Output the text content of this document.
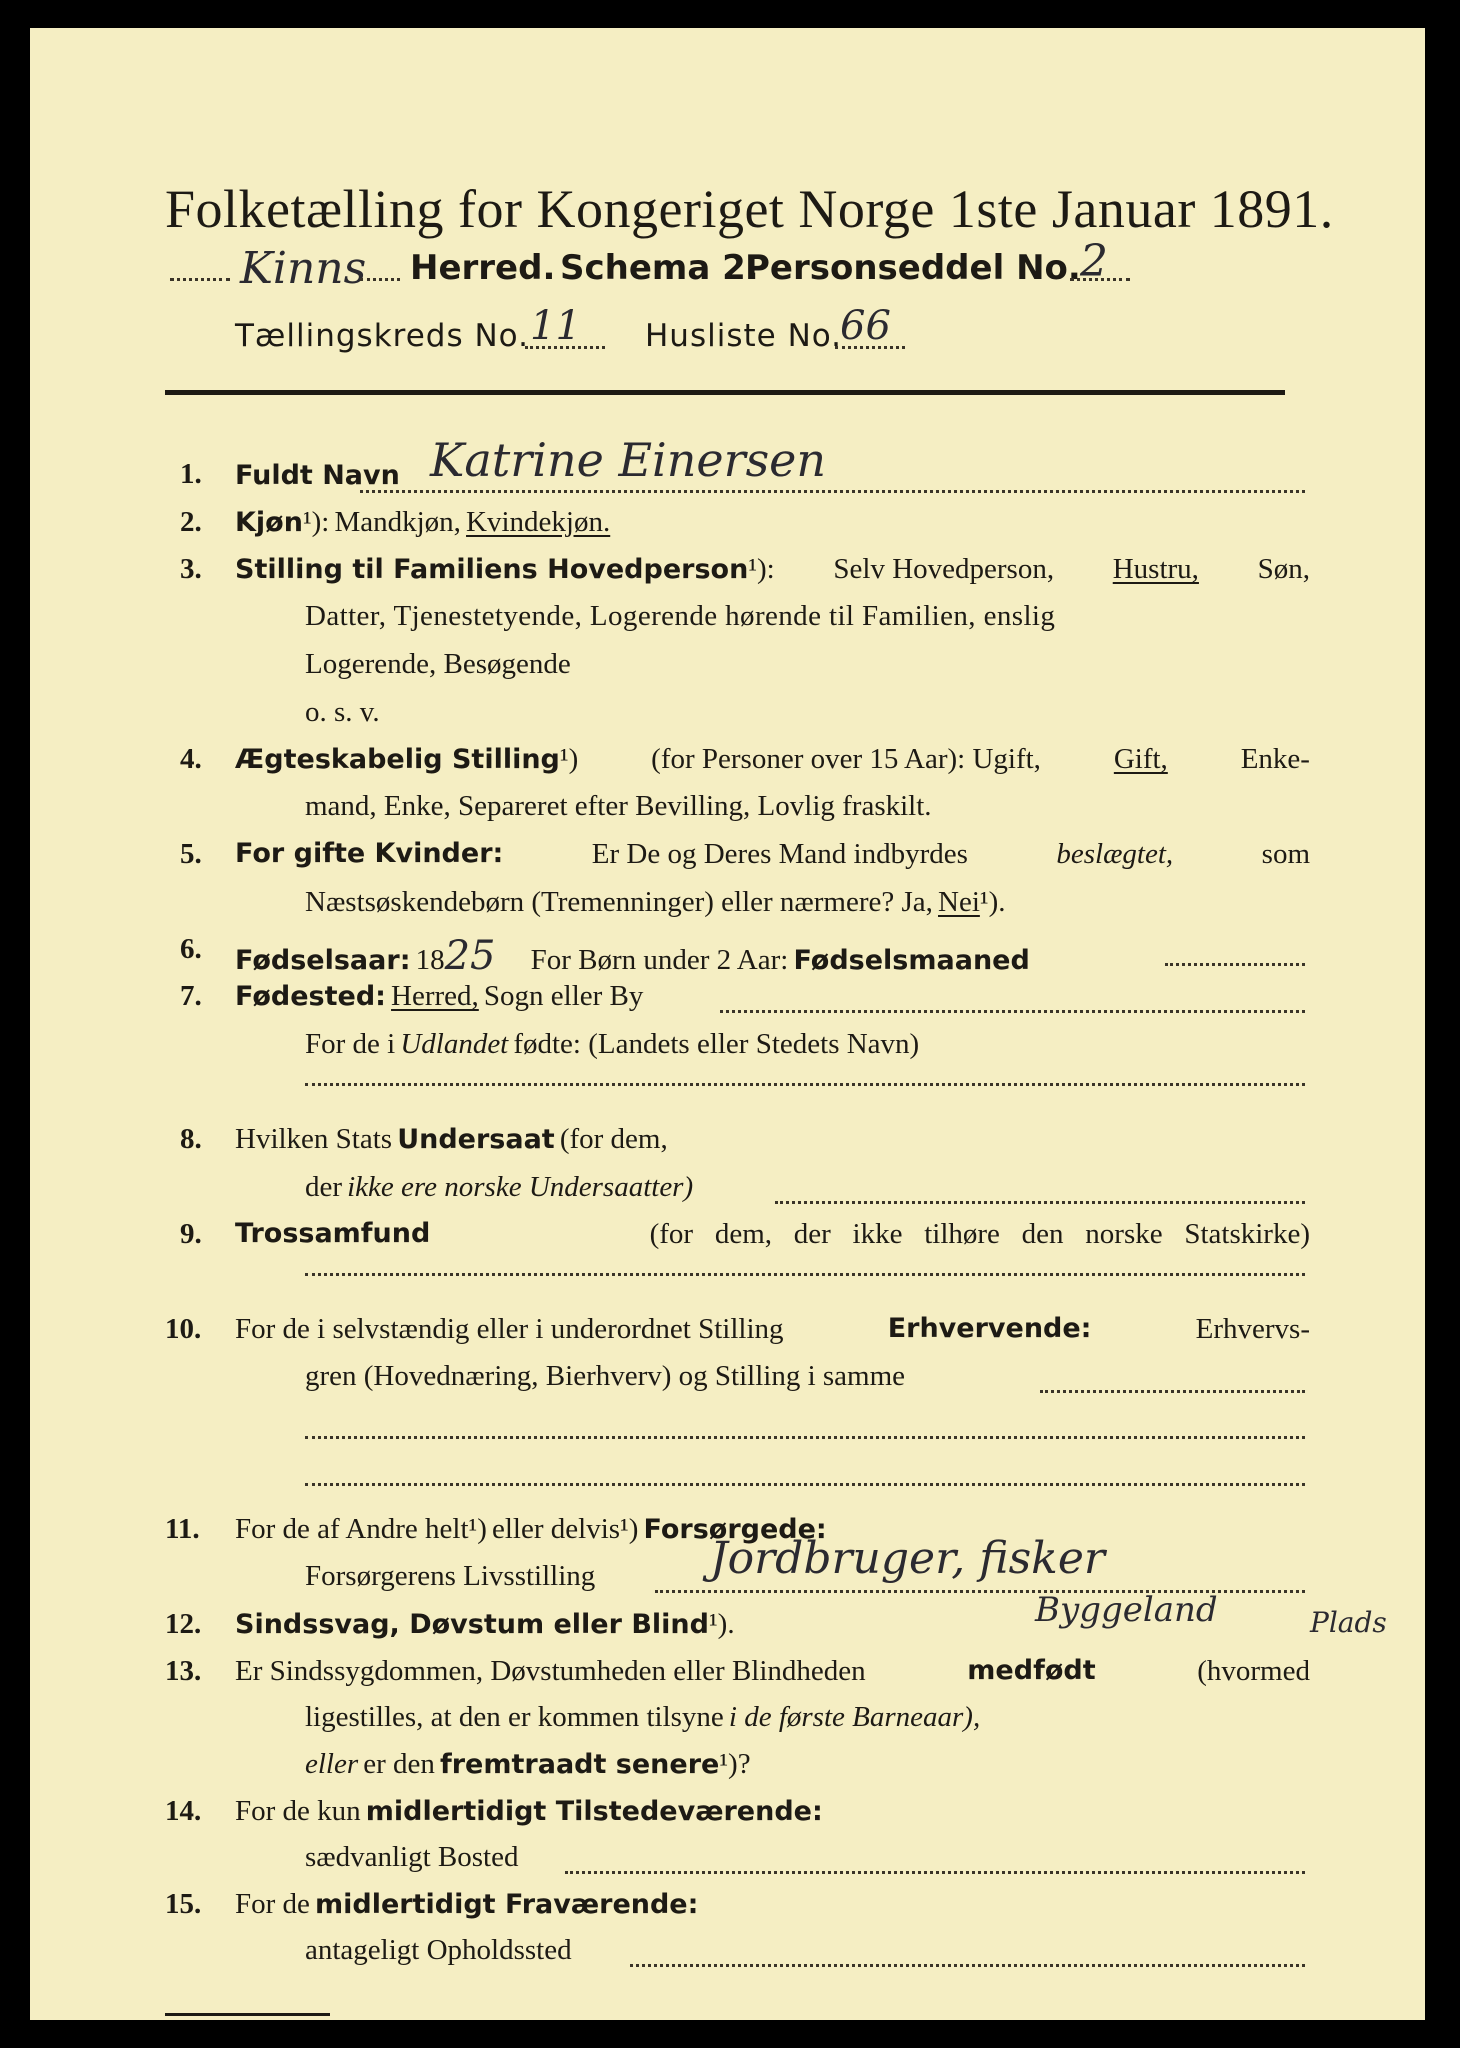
Folketælling for Kongeriget Norge 1ste Januar 1891.
Kinns Herred. Schema 2.
Personseddel No. 2
Tællingskreds No. 11 Husliste No.
66
1. Fuldt Navn Katrine Einersen
2. Kjøn¹): Mandkjøn, Kvindekjøn.
3. Stilling til Familiens Hovedperson¹): Selv Hovedperson, Hustru, Søn,
Datter, Tjenestetyende, Logerende hørende til Familien, enslig
Logerende, Besøgende
o. s. v.
4. Ægteskabelig Stilling¹)	(for Personer over 15 Aar): Ugift,	Gift,	Enke-
mand, Enke, Separeret efter Bevilling, Lovlig fraskilt.
5. For gifte Kvinder:	Er De og Deres Mand indbyrdes	beslægtet,	som
Næstsøskendebørn (Tremenninger) eller nærmere? Ja, Nei¹).
6. Fødselsaar: 1825 For Børn under 2 Aar: Fødselsmaaned
7. Fødested: Herred, Sogn eller By
For de i Udlandet fødte: (Landets eller Stedets Navn)
8. Hvilken Stats Undersaat (for dem,
der ikke ere norske Undersaatter)
9. Trossamfund	(for   dem,   der   ikke   tilhøre   den   norske   Statskirke)
10. For de i selvstændig eller i underordnet Stilling	Erhvervende:	Erhvervs-
gren (Hovednæring, Bierhverv) og Stilling i samme
11. For de af Andre helt¹) eller delvis¹) Forsørgede:
Forsørgerens Livsstilling	Jordbruger, fisker
Byggeland	Plads
12. Sindssvag, Døvstum eller Blind¹).
13. Er Sindssygdommen, Døvstumheden eller Blindheden	medfødt	(hvormed
ligestilles, at den er kommen tilsyne i de første Barneaar),
eller er den fremtraadt senere¹)?
14. For de kun midlertidigt Tilstedeværende:
sædvanligt Bosted
15. For de midlertidigt Fraværende:
antageligt Opholdssted
